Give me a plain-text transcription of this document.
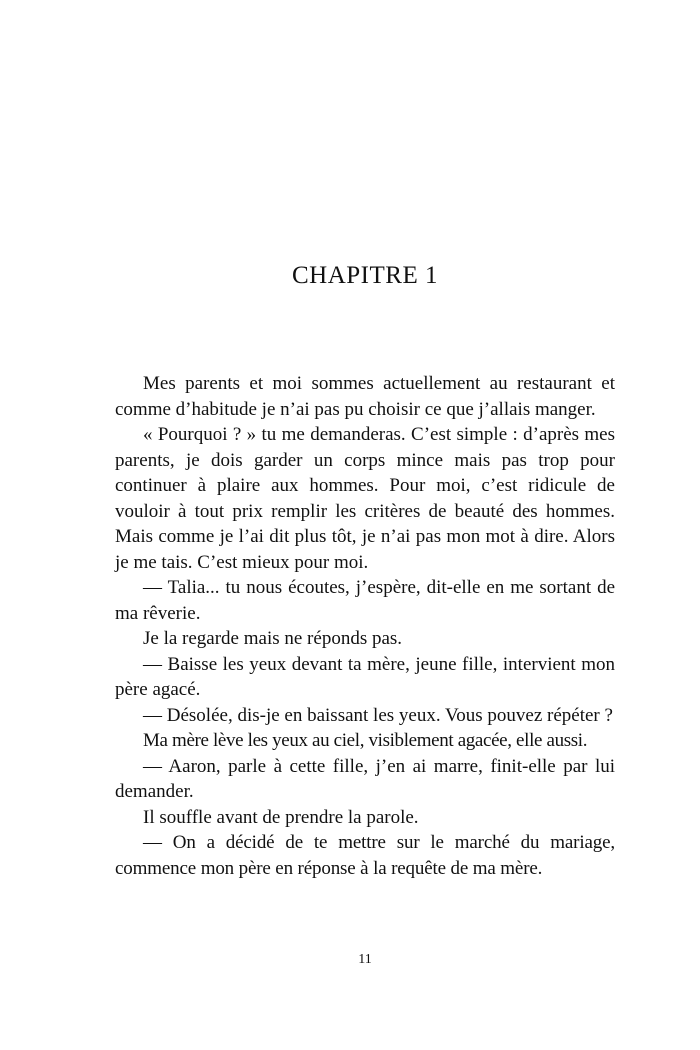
CHAPITRE 1

Mes parents et moi sommes actuellement au restaurant et comme d’habitude je n’ai pas pu choisir ce que j’allais manger.

« Pourquoi ? » tu me demanderas. C’est simple : d’après mes parents, je dois garder un corps mince mais pas trop pour continuer à plaire aux hommes. Pour moi, c’est ridicule de vouloir à tout prix remplir les critères de beauté des hommes. Mais comme je l’ai dit plus tôt, je n’ai pas mon mot à dire. Alors je me tais. C’est mieux pour moi.

— Talia... tu nous écoutes, j’espère, dit-elle en me sortant de ma rêverie.

Je la regarde mais ne réponds pas.

— Baisse les yeux devant ta mère, jeune fille, intervient mon père agacé.

— Désolée, dis-je en baissant les yeux. Vous pouvez répéter ?

Ma mère lève les yeux au ciel, visiblement agacée, elle aussi.

— Aaron, parle à cette fille, j’en ai marre, finit-elle par lui demander.

Il souffle avant de prendre la parole.

— On a décidé de te mettre sur le marché du mariage, commence mon père en réponse à la requête de ma mère.

11
